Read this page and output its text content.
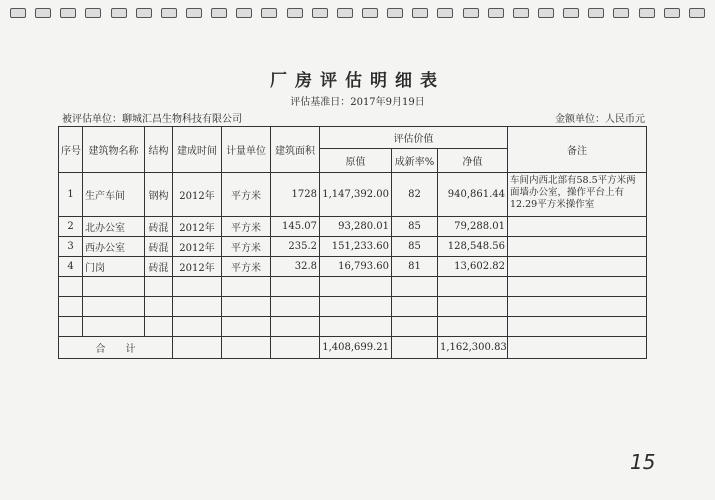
厂房评估明细表
评估基准日：2017年9月19日
被评估单位：聊城汇昌生物科技有限公司	金额单位：人民币元
序号	建筑物名称	结构	建成时间	计量单位	建筑面积	评估价值			备注
						原值	成新率%	净值	
1	生产车间	钢构	2012年	平方米	1728	1,147,392.00	82	940,861.44	车间内西北部有58.5平方米两面墙办公室，操作平台上有12.29平方米操作室
2	北办公室	砖混	2012年	平方米	145.07	93,280.01	85	79,288.01	
3	西办公室	砖混	2012年	平方米	235.2	151,233.60	85	128,548.56	
4	门岗	砖混	2012年	平方米	32.8	16,793.60	81	13,602.82	

合　　计						1,408,699.21		1,162,300.83	
15
